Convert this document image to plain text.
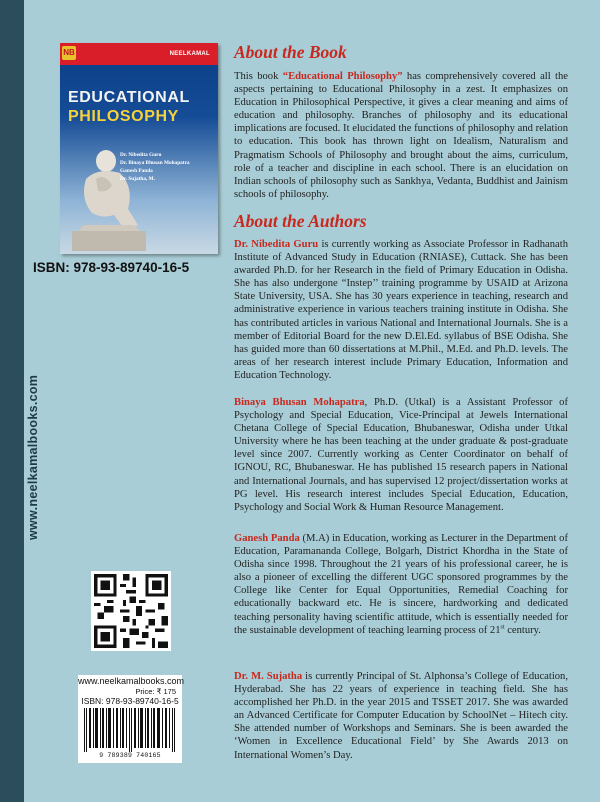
www.neelkamalbooks.com
NB	NEELKAMAL
EDUCATIONAL
PHILOSOPHY
Dr. Nibedita Guru
Dr. Binaya Bhusan Mohapatra
Ganesh Panda
Dr. Sujatha, M.
ISBN: 978-93-89740-16-5
www.neelkamalbooks.com
Price: ₹ 175
ISBN: 978-93-89740-16-5
9 789389 740165
About the Book

This book “Educational Philosophy” has comprehensively covered all the aspects pertaining to Educational Philosophy in a zest. It emphasizes on Education in Philosophical Perspective, it gives a clear meaning and aims of education and philosophy. Branches of philosophy and its educational implications are focused. It elucidated the functions of philosophy and relation to education. This book has thrown light on Idealism, Naturalism and Pragmatism Schools of Philosophy and brought about the aims, curriculum, role of a teacher and discipline in each school. There is an elucidation on Indian schools of philosophy such as Sankhya, Vedanta, Buddhist and Jainism schools of philosophy.

About the Authors

Dr. Nibedita Guru is currently working as Associate Professor in Radhanath Institute of Advanced Study in Education (RNIASE), Cuttack. She has been awarded Ph.D. for her Research in the field of Primary Education in Odisha. She has also undergone “Instep’’ training programme by USAID at Arizona State University, USA. She has 30 years experience in teaching, research and administrative experience in various teachers training institute in Odisha. She has contributed articles in various National and International Journals. She is a member of Editorial Board for the new D.El.Ed. syllabus of BSE Odisha. She has guided more than 60 dissertations at M.Phil., M.Ed. and Ph.D. levels. The areas of her research interest include Primary Education, Information and Education Technology.

Binaya Bhusan Mohapatra, Ph.D. (Utkal) is a Assistant Professor of Psychology and Special Education, Vice-Principal at Jewels International Chetana College of Special Education, Bhubaneswar, Odisha under Utkal University where he has been teaching at the under graduate & post-graduate level since 2007. Currently working as Center Coordinator on behalf of IGNOU, RC, Bhubaneswar. He has published 15 research papers in National and International Journals, and has supervised 12 project/dissertation works at PG level. His research interest includes Special Education, Education, Psychology and Social Work & Human Resource Management.

Ganesh Panda (M.A) in Education, working as Lecturer in the Department of Education, Paramananda College, Bolgarh, District Khordha in the State of Odisha since 1998. Throughout the 21 years of his professional career, he is also a pioneer of excelling the different UGC sponsored programmes by the College like Center for Equal Opportunities, Remedial Coaching for educationally backward etc. He is sincere, hardworking and dedicated teaching personality having scientific attitude, which is essentially needed for the sustainable development of teaching learning process of 21st century.

Dr. M. Sujatha is currently Principal of St. Alphonsa’s College of Education, Hyderabad. She has 22 years of experience in teaching field. She has accomplished her Ph.D. in the year 2015 and TSSET 2017. She was awarded an Advanced Certificate for Computer Education by SchoolNet – Hitech city. She attended number of Workshops and Seminars. She is been awarded the ‘Women in Excellence Educational Field’ by She Awards 2013 on International Women’s Day.
